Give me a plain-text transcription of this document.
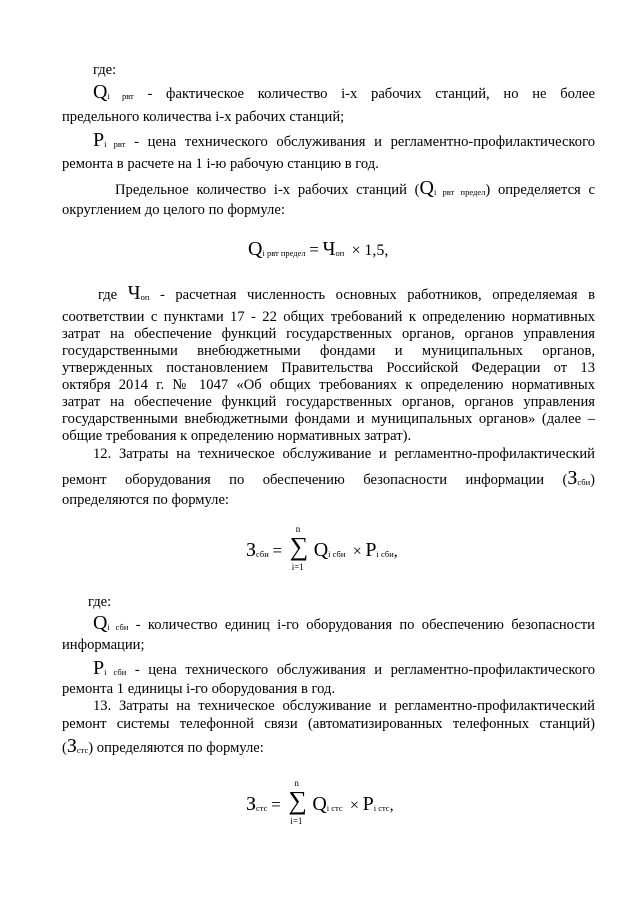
где:
Qi рвт - фактическое количество i-х рабочих станций, но не более
предельного количества i-х рабочих станций;
Pi рвт - цена технического обслуживания и регламентно-профилактического
ремонта в расчете на 1 i-ю рабочую станцию в год.
Предельное количество i-х рабочих станций (Qi рвт предел) определяется с
округлением до целого по формуле:
Qi рвт предел = Чоп × 1,5,
где Чоп - расчетная численность основных работников, определяемая в
соответствии с пунктами 17 - 22 общих требований к определению нормативных
затрат на обеспечение функций государственных органов, органов управления
государственными внебюджетными фондами и муниципальных органов,
утвержденных постановлением Правительства Российской Федерации от 13
октября 2014 г. № 1047 «Об общих требованиях к определению нормативных
затрат на обеспечение функций государственных органов, органов управления
государственными внебюджетными фондами и муниципальных органов» (далее –
общие требования к определению нормативных затрат).
12. Затраты на техническое обслуживание и регламентно-профилактический
ремонт оборудования по обеспечению безопасности информации (Зсби)
определяются по формуле:
Зсби =
n
∑
i=1
Qi сби × Pi сби,
где:
Qi сби - количество единиц i-го оборудования по обеспечению безопасности
информации;
Pi сби - цена технического обслуживания и регламентно-профилактического
ремонта 1 единицы i-го оборудования в год.
13. Затраты на техническое обслуживание и регламентно-профилактический
ремонт системы телефонной связи (автоматизированных телефонных станций)
(Зстс) определяются по формуле:
Зстс =
n
∑
i=1
Qi стс × Pi стс,
